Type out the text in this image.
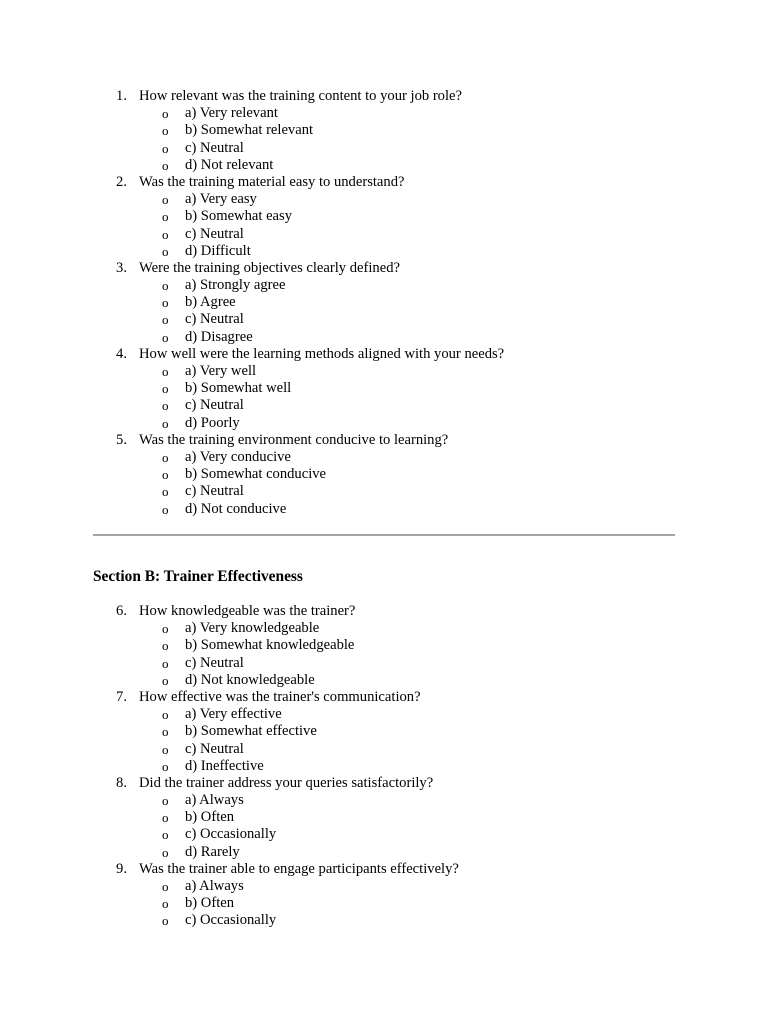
1. How relevant was the training content to your job role?
o a) Very relevant
o b) Somewhat relevant
o c) Neutral
o d) Not relevant
2. Was the training material easy to understand?
o a) Very easy
o b) Somewhat easy
o c) Neutral
o d) Difficult
3. Were the training objectives clearly defined?
o a) Strongly agree
o b) Agree
o c) Neutral
o d) Disagree
4. How well were the learning methods aligned with your needs?
o a) Very well
o b) Somewhat well
o c) Neutral
o d) Poorly
5. Was the training environment conducive to learning?
o a) Very conducive
o b) Somewhat conducive
o c) Neutral
o d) Not conducive
Section B: Trainer Effectiveness
6. How knowledgeable was the trainer?
o a) Very knowledgeable
o b) Somewhat knowledgeable
o c) Neutral
o d) Not knowledgeable
7. How effective was the trainer's communication?
o a) Very effective
o b) Somewhat effective
o c) Neutral
o d) Ineffective
8. Did the trainer address your queries satisfactorily?
o a) Always
o b) Often
o c) Occasionally
o d) Rarely
9. Was the trainer able to engage participants effectively?
o a) Always
o b) Often
o c) Occasionally
